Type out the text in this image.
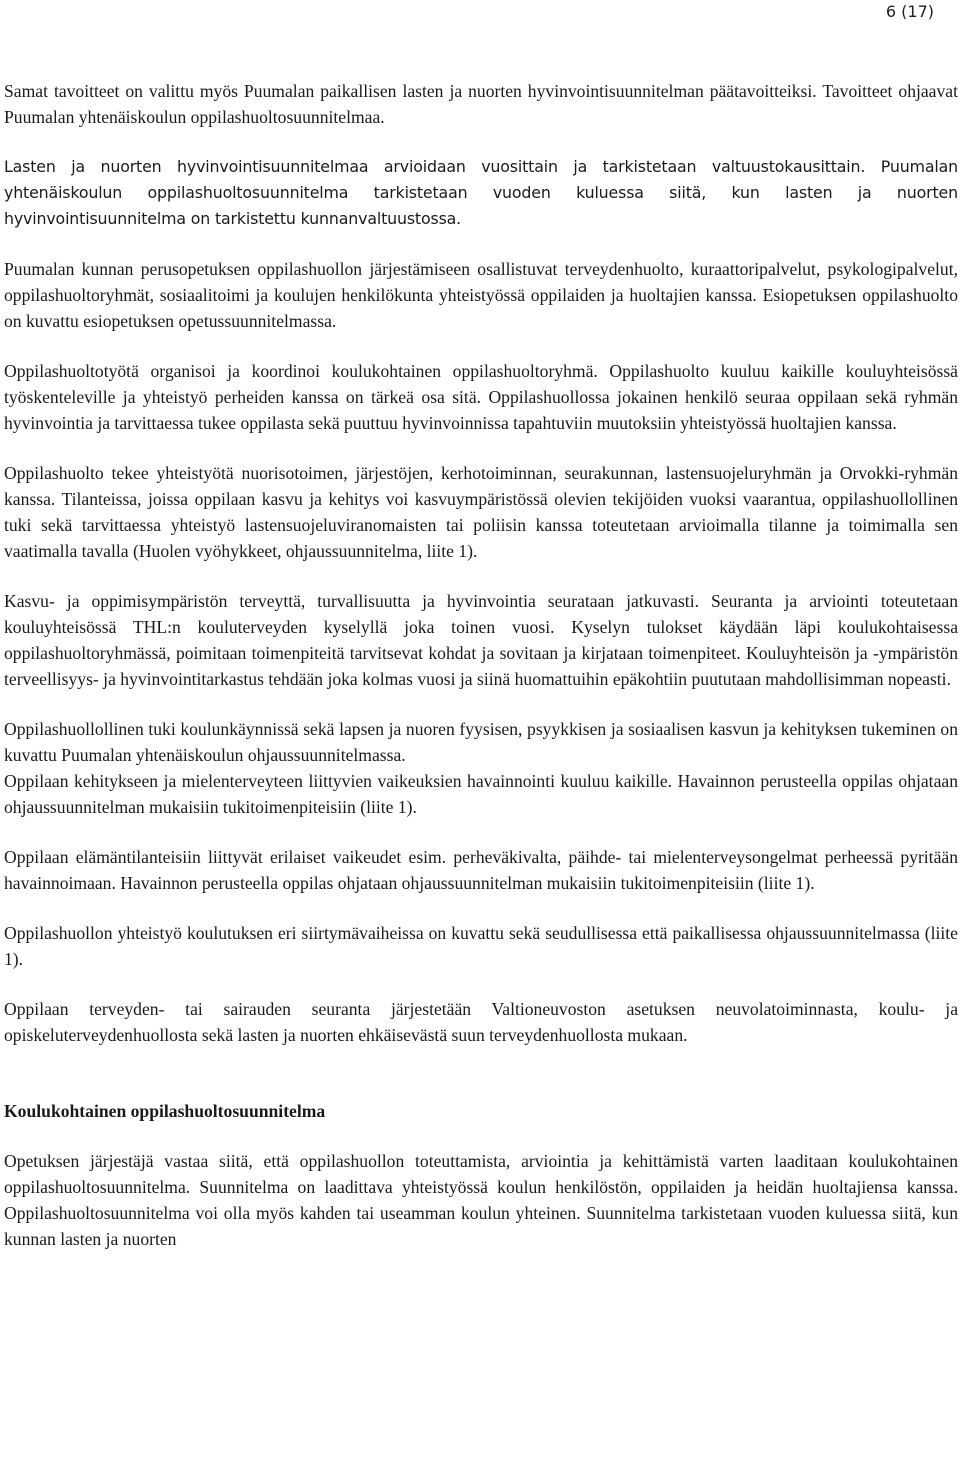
6 (17)

Samat tavoitteet on valittu myös Puumalan paikallisen lasten ja nuorten hyvinvointisuunnitelman päätavoitteiksi. Tavoitteet ohjaavat Puumalan yhtenäiskoulun oppilashuoltosuunnitelmaa.

Lasten ja nuorten hyvinvointisuunnitelmaa arvioidaan vuosittain ja tarkistetaan valtuustokausittain. Puumalan yhtenäiskoulun oppilashuoltosuunnitelma tarkistetaan vuoden kuluessa siitä, kun lasten ja nuorten hyvinvointisuunnitelma on tarkistettu kunnanvaltuustossa.

Puumalan kunnan perusopetuksen oppilashuollon järjestämiseen osallistuvat terveydenhuolto, kuraattoripalvelut, psykologipalvelut, oppilashuoltoryhmät, sosiaalitoimi ja koulujen henkilökunta yhteistyössä oppilaiden ja huoltajien kanssa. Esiopetuksen oppilashuolto on kuvattu esiopetuksen opetussuunnitelmassa.

Oppilashuoltotyötä organisoi ja koordinoi koulukohtainen oppilashuoltoryhmä. Oppilashuolto kuuluu kaikille kouluyhteisössä työskenteleville ja yhteistyö perheiden kanssa on tärkeä osa sitä. Oppilashuollossa jokainen henkilö seuraa oppilaan sekä ryhmän hyvinvointia ja tarvittaessa tukee oppilasta sekä puuttuu hyvinvoinnissa tapahtuviin muutoksiin yhteistyössä huoltajien kanssa.

Oppilashuolto tekee yhteistyötä nuorisotoimen, järjestöjen, kerhotoiminnan, seurakunnan, lastensuojeluryhmän ja Orvokki-ryhmän kanssa. Tilanteissa, joissa oppilaan kasvu ja kehitys voi kasvuympäristössä olevien tekijöiden vuoksi vaarantua, oppilashuollollinen tuki sekä tarvittaessa yhteistyö lastensuojeluviranomaisten tai poliisin kanssa toteutetaan arvioimalla tilanne ja toimimalla sen vaatimalla tavalla (Huolen vyöhykkeet, ohjaussuunnitelma, liite 1).

Kasvu- ja oppimisympäristön terveyttä, turvallisuutta ja hyvinvointia seurataan jatkuvasti. Seuranta ja arviointi toteutetaan kouluyhteisössä THL:n kouluterveyden kyselyllä joka toinen vuosi. Kyselyn tulokset käydään läpi koulukohtaisessa oppilashuoltoryhmässä, poimitaan toimenpiteitä tarvitsevat kohdat ja sovitaan ja kirjataan toimenpiteet. Kouluyhteisön ja -ympäristön terveellisyys- ja hyvinvointitarkastus tehdään joka kolmas vuosi ja siinä huomattuihin epäkohtiin puututaan mahdollisimman nopeasti.

Oppilashuollollinen tuki koulunkäynnissä sekä lapsen ja nuoren fyysisen, psyykkisen ja sosiaalisen kasvun ja kehityksen tukeminen on kuvattu Puumalan yhtenäiskoulun ohjaussuunnitelmassa.

Oppilaan kehitykseen ja mielenterveyteen liittyvien vaikeuksien havainnointi kuuluu kaikille. Havainnon perusteella oppilas ohjataan ohjaussuunnitelman mukaisiin tukitoimenpiteisiin (liite 1).

Oppilaan elämäntilanteisiin liittyvät erilaiset vaikeudet esim. perheväkivalta, päihde- tai mielenterveysongelmat perheessä pyritään havainnoimaan. Havainnon perusteella oppilas ohjataan ohjaussuunnitelman mukaisiin tukitoimenpiteisiin (liite 1).

Oppilashuollon yhteistyö koulutuksen eri siirtymävaiheissa on kuvattu sekä seudullisessa että paikallisessa ohjaussuunnitelmassa (liite 1).

Oppilaan terveyden- tai sairauden seuranta järjestetään Valtioneuvoston asetuksen neuvolatoiminnasta, koulu- ja opiskeluterveydenhuollosta sekä lasten ja nuorten ehkäisevästä suun terveydenhuollosta mukaan.

Koulukohtainen oppilashuoltosuunnitelma

Opetuksen järjestäjä vastaa siitä, että oppilashuollon toteuttamista, arviointia ja kehittämistä varten laaditaan koulukohtainen oppilashuoltosuunnitelma. Suunnitelma on laadittava yhteistyössä koulun henkilöstön, oppilaiden ja heidän huoltajiensa kanssa. Oppilashuoltosuunnitelma voi olla myös kahden tai useamman koulun yhteinen. Suunnitelma tarkistetaan vuoden kuluessa siitä, kun kunnan lasten ja nuorten
